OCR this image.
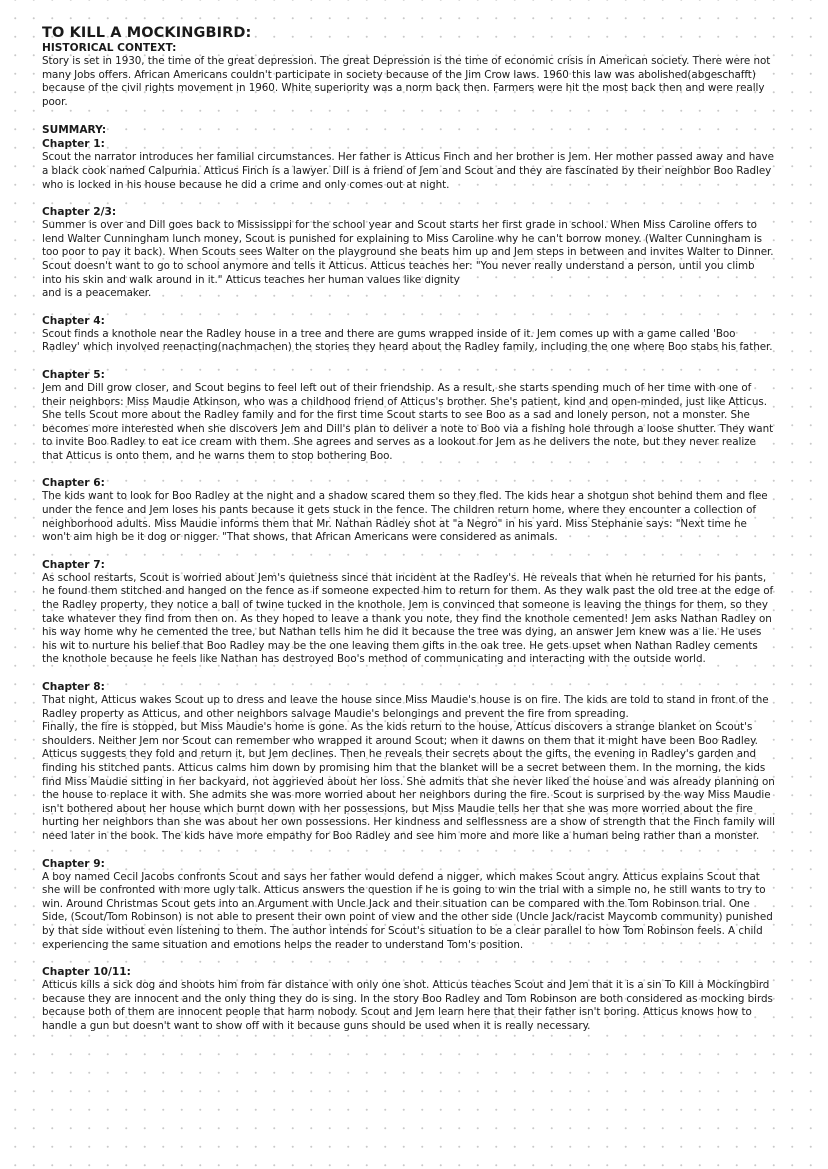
TO KILL A MOCKINGBIRD:

HISTORICAL CONTEXT:

Story is set in 1930, the time of the great depression. The great Depression is the time of economic crisis in American society. There were not many Jobs offers. African Americans couldn't participate in society because of the Jim Crow laws. 1960 this law was abolished(abgeschafft) because of the civil rights movement in 1960. White superiority was a norm back then. Farmers were hit the most back then and were really poor.

SUMMARY:

Chapter 1:

Scout the narrator introduces her familial circumstances. Her father is Atticus Finch and her brother is Jem. Her mother passed away and have a black cook named Calpurnia. Atticus Finch is a lawyer. Dill is a friend of Jem and Scout and they are fascinated by their neighbor Boo Radley who is locked in his house because he did a crime and only comes out at night.

Chapter 2/3:

Summer is over and Dill goes back to Mississippi for the school year and Scout starts her first grade in school. When Miss Caroline offers to lend Walter Cunningham lunch money, Scout is punished for explaining to Miss Caroline why he can't borrow money. (Walter Cunningham is too poor to pay it back). When Scouts sees Walter on the playground she beats him up and Jem steps in between and invites Walter to Dinner. Scout doesn't want to go to school anymore and tells it Atticus. Atticus teaches her: "You never really understand a person, until you climb into his skin and walk around in it." Atticus teaches her human values like dignity
and is a peacemaker.

Chapter 4:

Scout finds a knothole near the Radley house in a tree and there are gums wrapped inside of it. Jem comes up with a game called 'Boo Radley' which involved reenacting(nachmachen) the stories they heard about the Radley family, including the one where Boo stabs his father.

Chapter 5:

Jem and Dill grow closer, and Scout begins to feel left out of their friendship. As a result, she starts spending much of her time with one of their neighbors: Miss Maudie Atkinson, who was a childhood friend of Atticus's brother. She's patient, kind and open-minded, just like Atticus. She tells Scout more about the Radley family and for the first time Scout starts to see Boo as a sad and lonely person, not a monster. She becomes more interested when she discovers Jem and Dill's plan to deliver a note to Boo via a fishing hole through a loose shutter. They want to invite Boo Radley to eat ice cream with them. She agrees and serves as a lookout for Jem as he delivers the note, but they never realize that Atticus is onto them, and he warns them to stop bothering Boo.

Chapter 6:

The kids want to look for Boo Radley at the night and a shadow scared them so they fled. The kids hear a shotgun shot behind them and flee under the fence and Jem loses his pants because it gets stuck in the fence. The children return home, where they encounter a collection of neighborhood adults. Miss Maudie informs them that Mr. Nathan Radley shot at "a Negro" in his yard. Miss Stephanie says: "Next time he won't aim high be it dog or nigger. "That shows, that African Americans were considered as animals.

Chapter 7:

As school restarts, Scout is worried about Jem's quietness since that incident at the Radley's. He reveals that when he returned for his pants, he found them stitched and hanged on the fence as if someone expected him to return for them. As they walk past the old tree at the edge of the Radley property, they notice a ball of twine tucked in the knothole. Jem is convinced that someone is leaving the things for them, so they take whatever they find from then on. As they hoped to leave a thank you note, they find the knothole cemented! Jem asks Nathan Radley on his way home why he cemented the tree, but Nathan tells him he did it because the tree was dying, an answer Jem knew was a lie. He uses his wit to nurture his belief that Boo Radley may be the one leaving them gifts in the oak tree. He gets upset when Nathan Radley cements the knothole because he feels like Nathan has destroyed Boo's method of communicating and interacting with the outside world.

Chapter 8:

That night, Atticus wakes Scout up to dress and leave the house since Miss Maudie's house is on fire. The kids are told to stand in front of the Radley property as Atticus, and other neighbors salvage Maudie's belongings and prevent the fire from spreading.
Finally, the fire is stopped, but Miss Maudie's home is gone. As the kids return to the house, Atticus discovers a strange blanket on Scout's shoulders. Neither Jem nor Scout can remember who wrapped it around Scout; when it dawns on them that it might have been Boo Radley. Atticus suggests they fold and return it, but Jem declines. Then he reveals their secrets about the gifts, the evening in Radley's garden and finding his stitched pants. Atticus calms him down by promising him that the blanket will be a secret between them. In the morning, the kids find Miss Maudie sitting in her backyard, not aggrieved about her loss. She admits that she never liked the house and was already planning on the house to replace it with. She admits she was more worried about her neighbors during the fire. Scout is surprised by the way Miss Maudie isn't bothered about her house which burnt down with her possessions, but Miss Maudie tells her that she was more worried about the fire hurting her neighbors than she was about her own possessions. Her kindness and selflessness are a show of strength that the Finch family will need later in the book. The kids have more empathy for Boo Radley and see him more and more like a human being rather than a monster.

Chapter 9:

A boy named Cecil Jacobs confronts Scout and says her father would defend a nigger, which makes Scout angry. Atticus explains Scout that she will be confronted with more ugly talk. Atticus answers the question if he is going to win the trial with a simple no, he still wants to try to win. Around Christmas Scout gets into an Argument with Uncle Jack and their situation can be compared with the Tom Robinson trial. One Side, (Scout/Tom Robinson) is not able to present their own point of view and the other side (Uncle Jack/racist Maycomb community) punished by that side without even listening to them. The author intends for Scout's situation to be a clear parallel to how Tom Robinson feels. A child experiencing the same situation and emotions helps the reader to understand Tom's position.

Chapter 10/11:

Atticus kills a sick dog and shoots him from far distance with only one shot. Atticus teaches Scout and Jem that it is a sin To Kill a Mockingbird because they are innocent and the only thing they do is sing. In the story Boo Radley and Tom Robinson are both considered as mocking birds because both of them are innocent people that harm nobody. Scout and Jem learn here that their father isn't boring. Atticus knows how to handle a gun but doesn't want to show off with it because guns should be used when it is really necessary.
